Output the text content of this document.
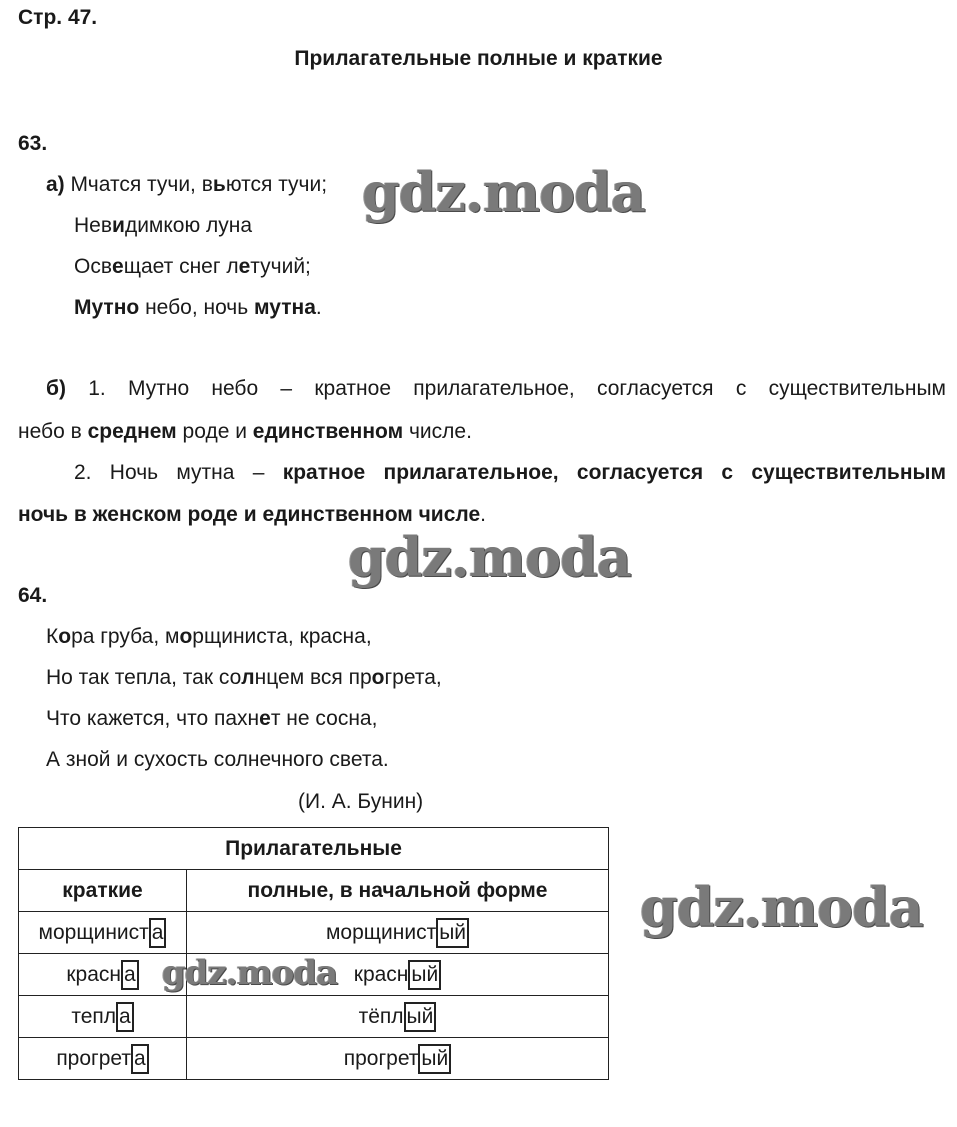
Стр. 47.
Прилагательные полные и краткие
63.
а) Мчатся тучи, вьются тучи;
Невидимкою луна
Освещает снег летучий;
Мутно небо, ночь мутна.
б) 1. Мутно небо – кратное прилагательное, согласуется с существительным
небо в среднем роде и единственном числе.
2. Ночь мутна – кратное прилагательное, согласуется с существительным
ночь в женском роде и единственном числе.
64.
Кора груба, морщиниста, красна,
Но так тепла, так солнцем вся прогрета,
Что кажется, что пахнет не сосна,
А зной и сухость солнечного света.
(И. А. Бунин)
Прилагательные	
краткие	полные, в начальной форме
морщинист а	морщинист ый
красн а	красн ый
тепл а	тёпл ый
прогрет а	прогрет ый
gdz.moda
gdz.moda
gdz.moda
gdz.moda
